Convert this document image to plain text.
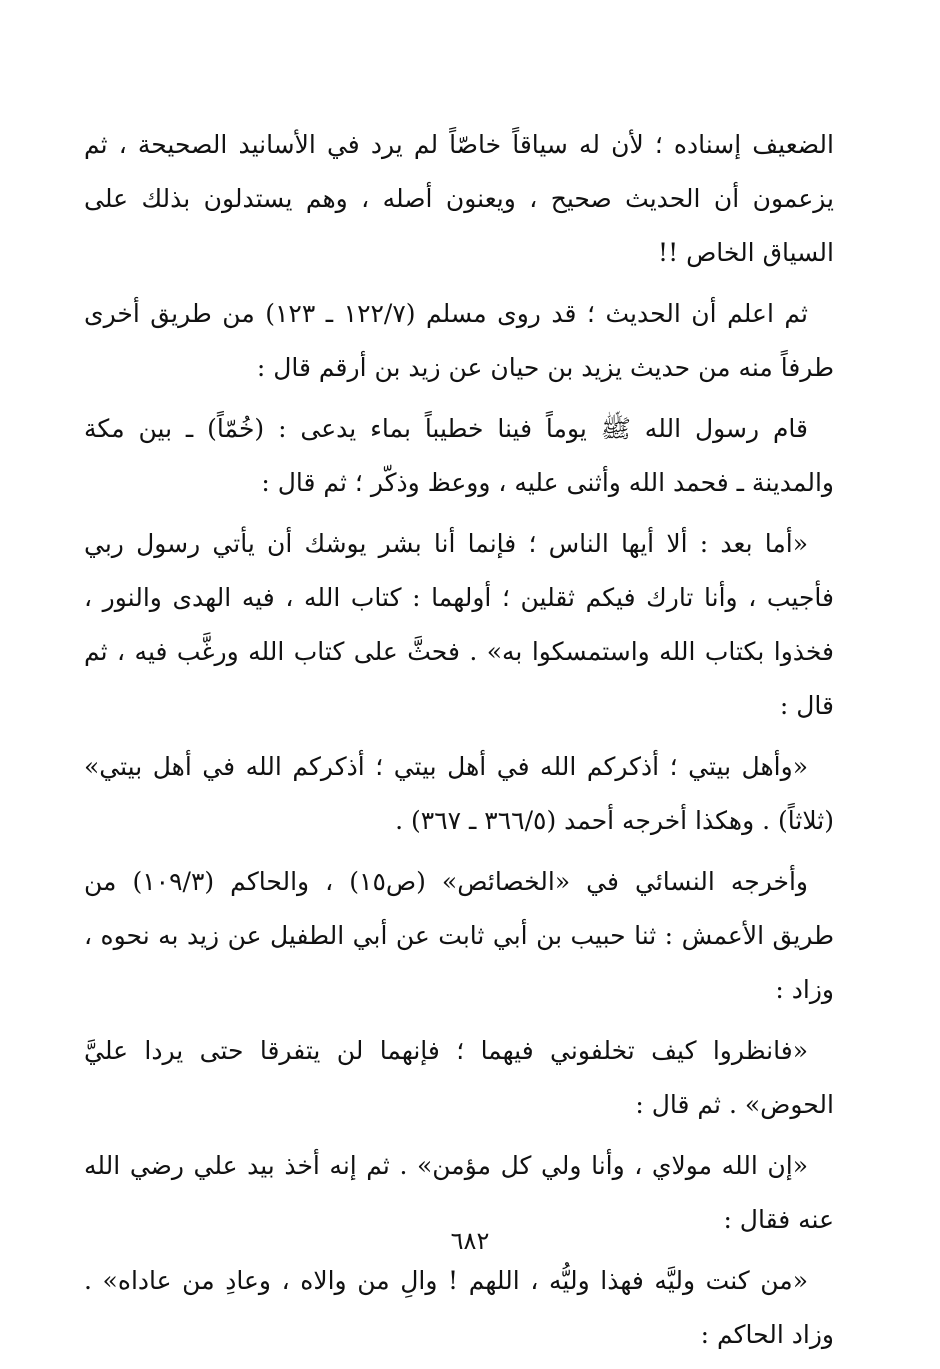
الضعيف إسناده ؛ لأن له سياقاً خاصّاً لم يرد في الأسانيد الصحيحة ، ثم يزعمون أن الحديث صحيح ، ويعنون أصله ، وهم يستدلون بذلك على السياق الخاص !!

ثم اعلم أن الحديث ؛ قد روى مسلم (١٢٢/٧ ـ ١٢٣) من طريق أخرى طرفاً منه من حديث يزيد بن حيان عن زيد بن أرقم قال :

قام رسول الله ﷺ يوماً فينا خطيباً بماء يدعى : (خُمّاً) ـ بين مكة والمدينة ـ فحمد الله وأثنى عليه ، ووعظ وذكّر ؛ ثم قال :

«أما بعد : ألا أيها الناس ؛ فإنما أنا بشر يوشك أن يأتي رسول ربي فأجيب ، وأنا تارك فيكم ثقلين ؛ أولهما : كتاب الله ، فيه الهدى والنور ، فخذوا بكتاب الله واستمسكوا به» . فحثَّ على كتاب الله ورغَّب فيه ، ثم قال :

«وأهل بيتي ؛ أذكركم الله في أهل بيتي ؛ أذكركم الله في أهل بيتي» (ثلاثاً) . وهكذا أخرجه أحمد (٣٦٦/٥ ـ ٣٦٧) .

وأخرجه النسائي في «الخصائص» (ص١٥) ، والحاكم (١٠٩/٣) من طريق الأعمش : ثنا حبيب بن أبي ثابت عن أبي الطفيل عن زيد به نحوه ، وزاد :

«فانظروا كيف تخلفوني فيهما ؛ فإنهما لن يتفرقا حتى يردا عليَّ الحوض» . ثم قال :

«إن الله مولاي ، وأنا ولي كل مؤمن» . ثم إنه أخذ بيد علي رضي الله عنه فقال :

«من كنت وليَّه فهذا وليُّه ، اللهم ! والِ من والاه ، وعادِ من عاداه» . وزاد الحاكم :

٦٨٢
